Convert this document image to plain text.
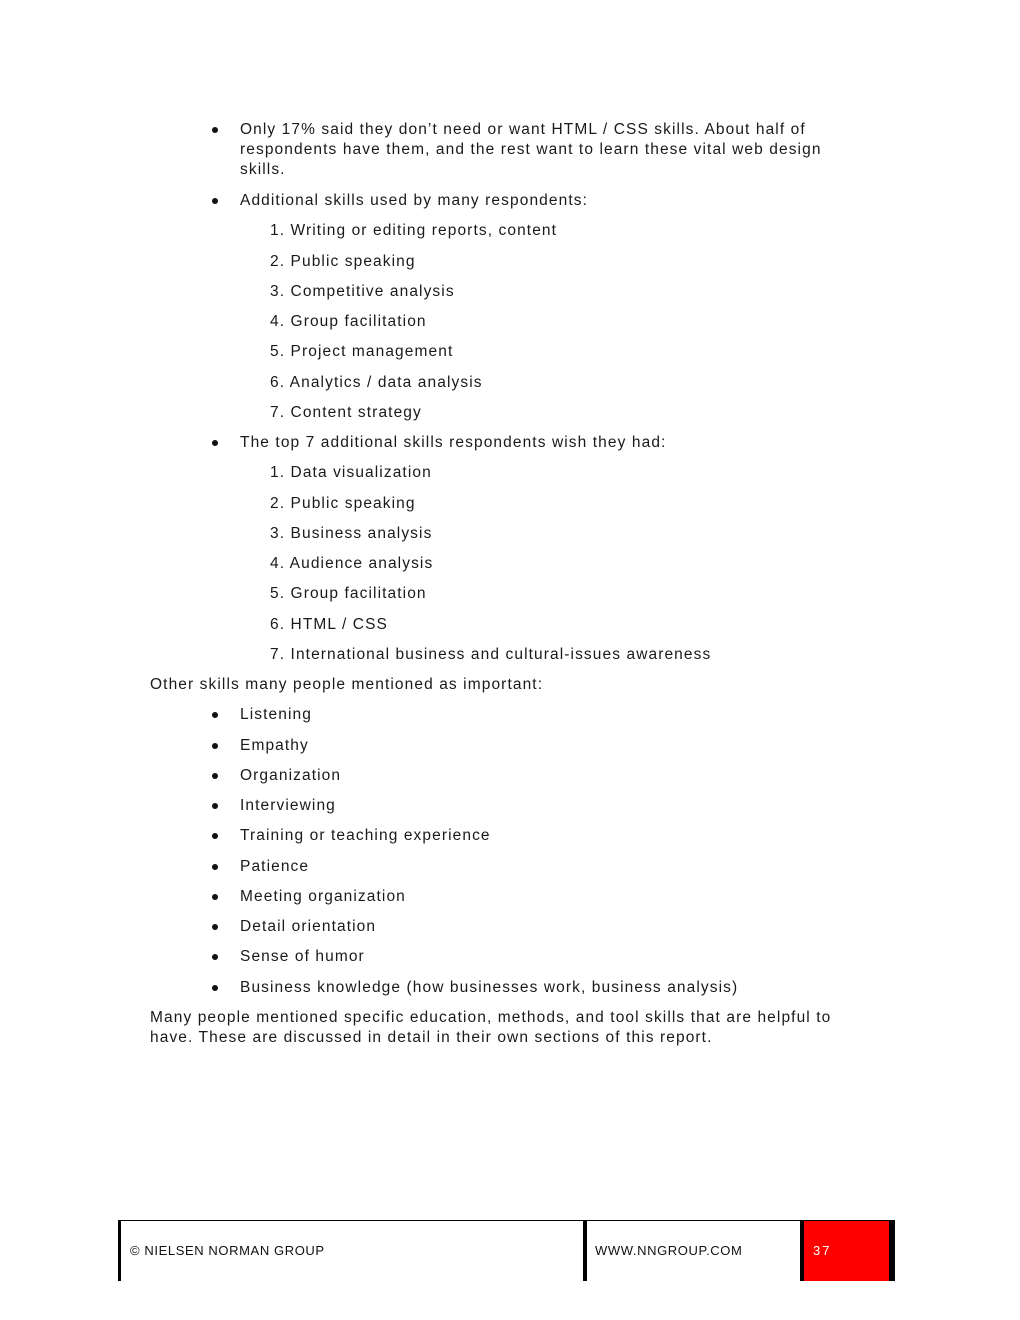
Only 17% said they don’t need or want HTML / CSS skills. About half of respondents have them, and the rest want to learn these vital web design skills.
Additional skills used by many respondents:
1. Writing or editing reports, content
2. Public speaking
3. Competitive analysis
4. Group facilitation
5. Project management
6. Analytics / data analysis
7. Content strategy
The top 7 additional skills respondents wish they had:
1. Data visualization
2. Public speaking
3. Business analysis
4. Audience analysis
5. Group facilitation
6. HTML / CSS
7. International business and cultural-issues awareness
Other skills many people mentioned as important:
Listening
Empathy
Organization
Interviewing
Training or teaching experience
Patience
Meeting organization
Detail orientation
Sense of humor
Business knowledge (how businesses work, business analysis)
Many people mentioned specific education, methods, and tool skills that are helpful to have. These are discussed in detail in their own sections of this report.
© NIELSEN NORMAN GROUP	WWW.NNGROUP.COM	37
